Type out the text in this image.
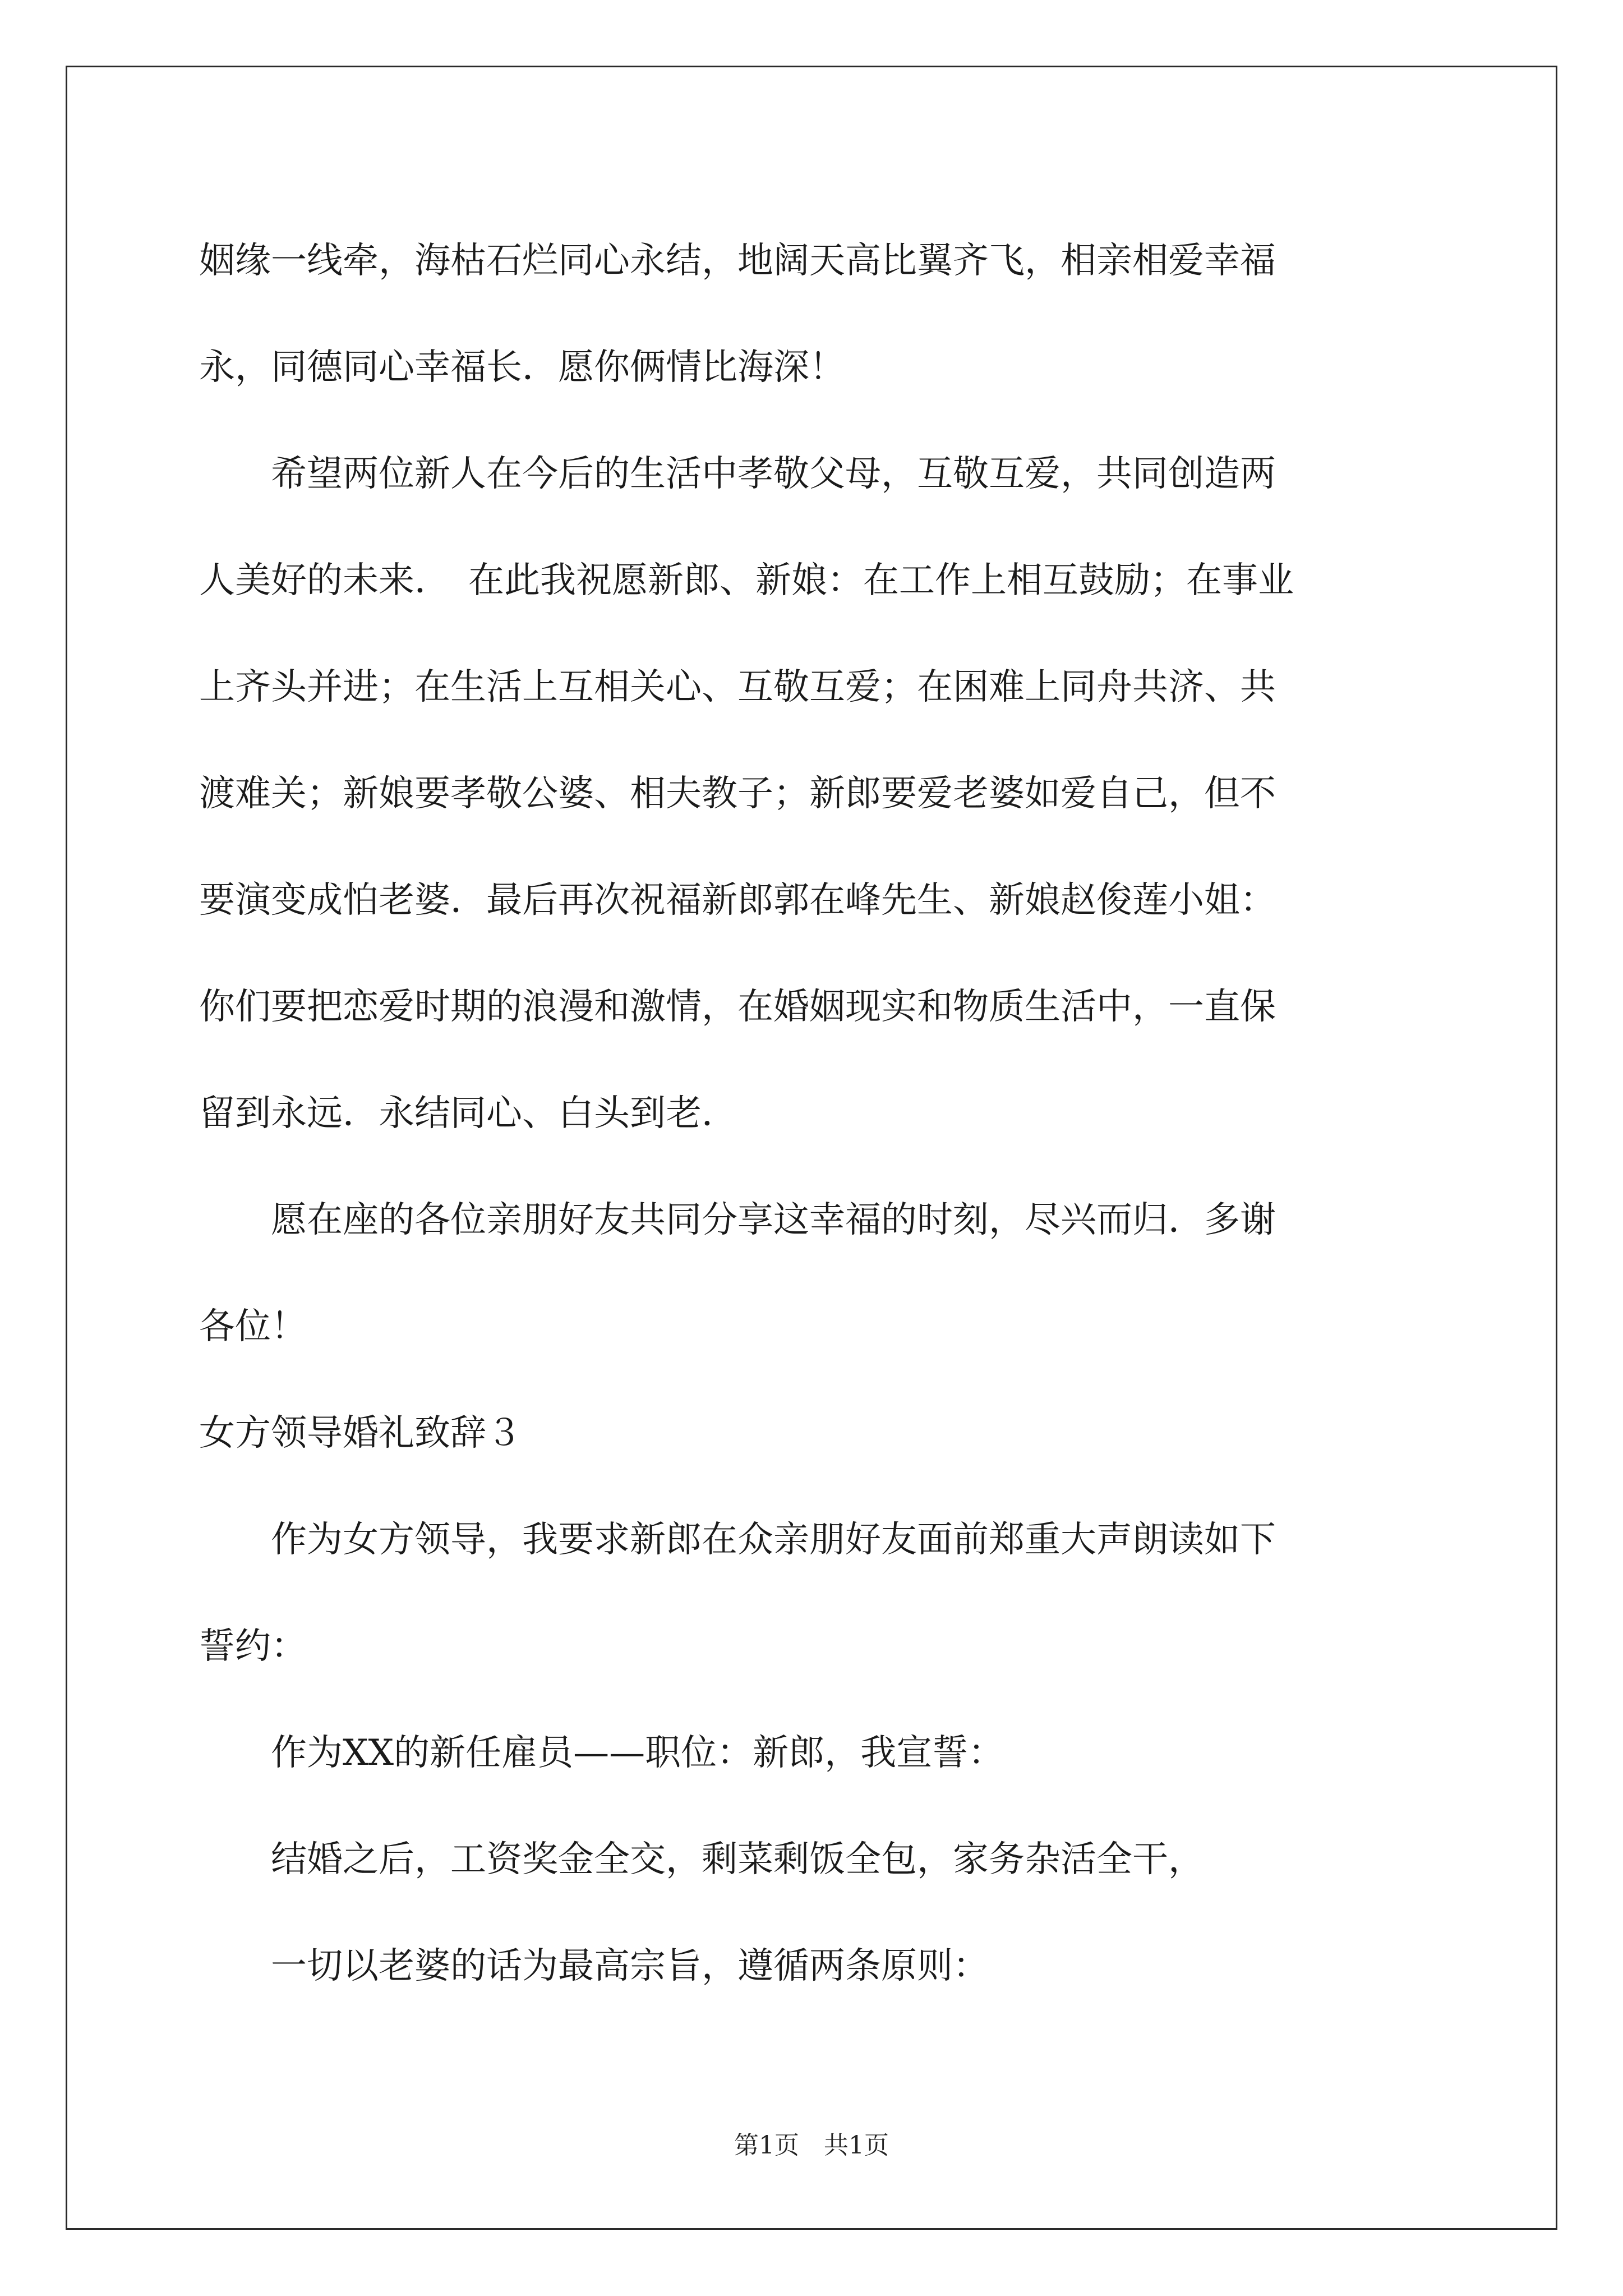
姻缘一线牵，海枯石烂同心永结，地阔天高比翼齐飞，相亲相爱幸福
永，同德同心幸福长．愿你俩情比海深！
　　希望两位新人在今后的生活中孝敬父母，互敬互爱，共同创造两
人美好的未来．　在此我祝愿新郎、新娘：在工作上相互鼓励；在事业
上齐头并进；在生活上互相关心、互敬互爱；在困难上同舟共济、共
渡难关；新娘要孝敬公婆、相夫教子；新郎要爱老婆如爱自己，但不
要演变成怕老婆．最后再次祝福新郎郭在峰先生、新娘赵俊莲小姐：
你们要把恋爱时期的浪漫和激情，在婚姻现实和物质生活中，一直保
留到永远．永结同心、白头到老．
　　愿在座的各位亲朋好友共同分享这幸福的时刻，尽兴而归．多谢
各位！
女方领导婚礼致辞３
　　作为女方领导，我要求新郎在众亲朋好友面前郑重大声朗读如下
誓约：
　　作为XX的新任雇员——职位：新郎，我宣誓：
　　结婚之后，工资奖金全交，剩菜剩饭全包，家务杂活全干，
　　一切以老婆的话为最高宗旨，遵循两条原则：
第1页　共1页
